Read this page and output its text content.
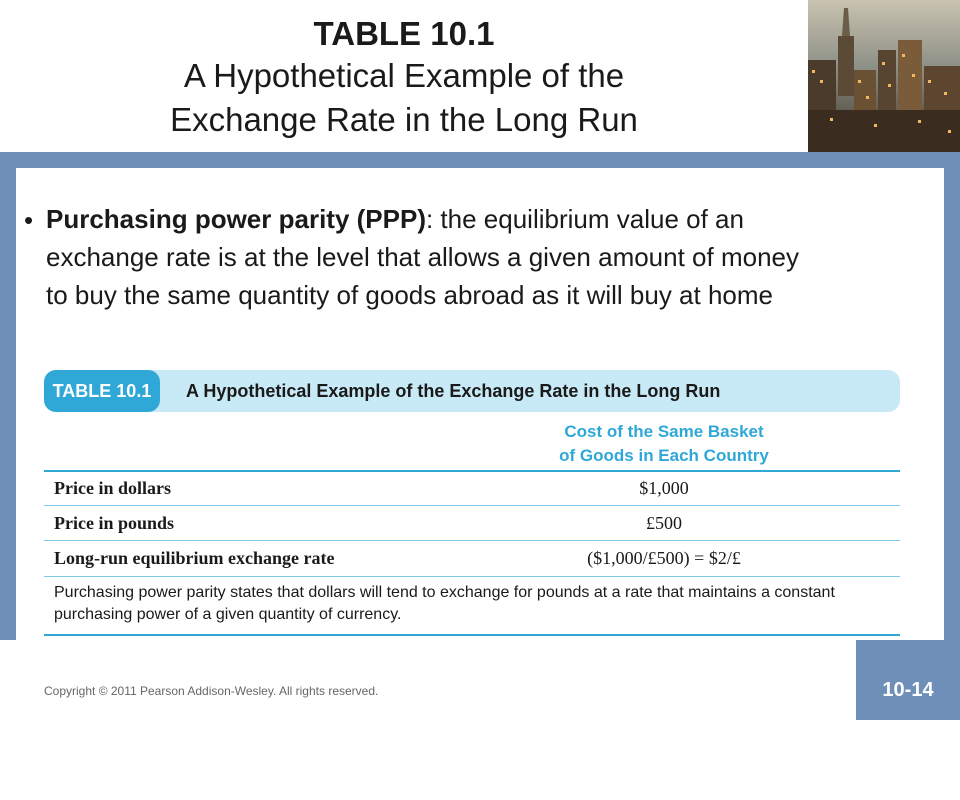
TABLE 10.1
A Hypothetical Example of the
Exchange Rate in the Long Run
• Purchasing power parity (PPP): the equilibrium value of an exchange rate is at the level that allows a given amount of money to buy the same quantity of goods abroad as it will buy at home
TABLE 10.1	A Hypothetical Example of the Exchange Rate in the Long Run
Cost of the Same Basket
of Goods in Each Country
Price in dollars	$1,000
Price in pounds	£500
Long-run equilibrium exchange rate	($1,000/£500) = $2/£
Purchasing power parity states that dollars will tend to exchange for pounds at a rate that maintains a constant purchasing power of a given quantity of currency.
Copyright © 2011 Pearson Addison-Wesley. All rights reserved.	10-14
